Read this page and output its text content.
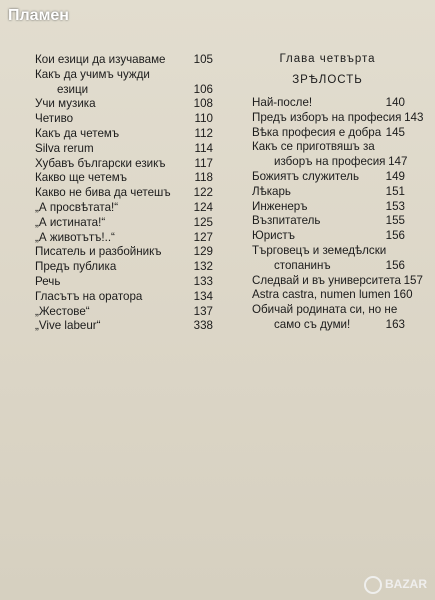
Пламен
Кои езици да изучаваме 105
Какъ да учимъ чужди
езици	106
Учи музика	108
Четиво	110
Какъ да четемъ	112
Silva rerum	114
Хубавъ български езикъ	117
Какво ще четемъ	118
Какво не бива да четешъ 122
„А просвѣтата!“	124
„А истината!“	125
„А животътъ!..“	127
Писатель и разбойникъ	129
Предъ публика	132
Речь	133
Гласътъ на оратора	134
„Жестове“	137
„Vive labeur“	338
Глава четвърта
ЗРѢЛОСТЬ
Най-после!	140
Предъ изборъ на професия 143
Вѣка професия е добра 145
Какъ се приготвяшъ за
изборъ на професия 147
Божиятъ служитель 149
Лѣкарь	151
Инженеръ	153
Възпитатель	155
Юристъ	156
Търговецъ и земедѣлски
стопанинъ	156
Следвай и въ университета 157
Astra castra, numen lumen 160
Обичай родината си, но не
само съ думи!	163
BAZAR
